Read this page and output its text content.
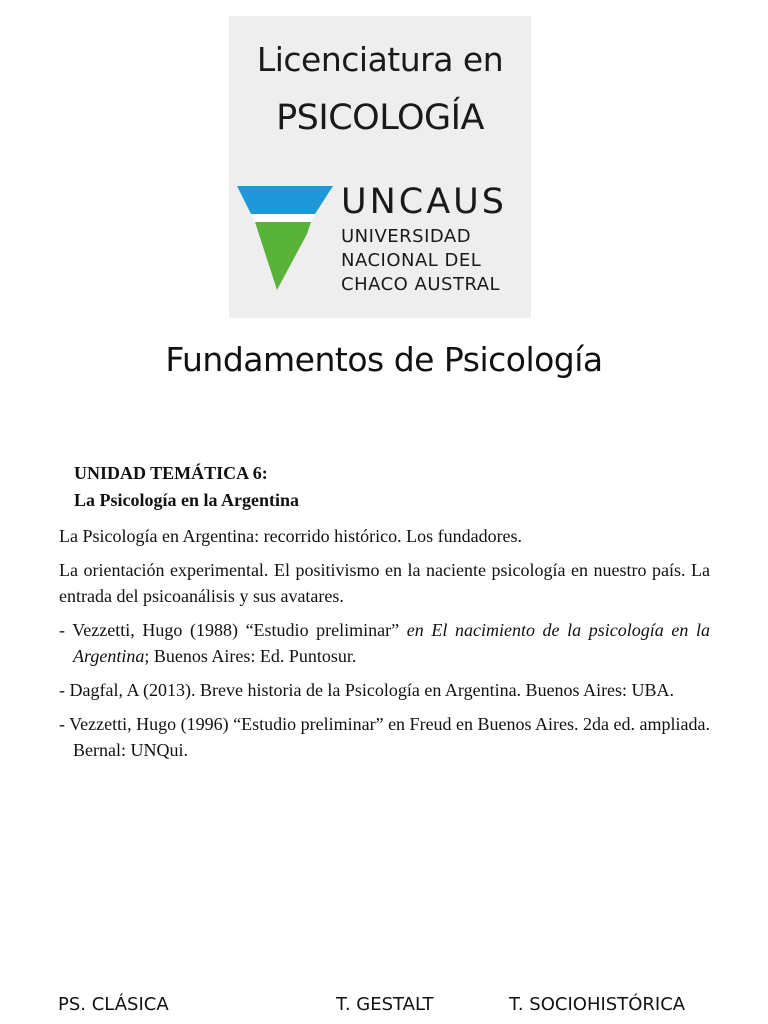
Licenciatura en
PSICOLOGÍA
UNCAUS
UNIVERSIDAD
NACIONAL DEL
CHACO AUSTRAL
Fundamentos de Psicología
UNIDAD TEMÁTICA 6:
La Psicología en la Argentina

La Psicología en Argentina: recorrido histórico. Los fundadores.

La orientación experimental. El positivismo en la naciente psicología en nuestro país. La entrada del psicoanálisis y sus avatares.

- Vezzetti, Hugo (1988) “Estudio preliminar” en El nacimiento de la psicología en la Argentina; Buenos Aires: Ed. Puntosur.

- Dagfal, A (2013). Breve historia de la Psicología en Argentina. Buenos Aires: UBA.

- Vezzetti, Hugo (1996) “Estudio preliminar” en Freud en Buenos Aires. 2da ed. ampliada. Bernal: UNQui.

PS. CLÁSICA	T. GESTALT	T. SOCIOHISTÓRICA
